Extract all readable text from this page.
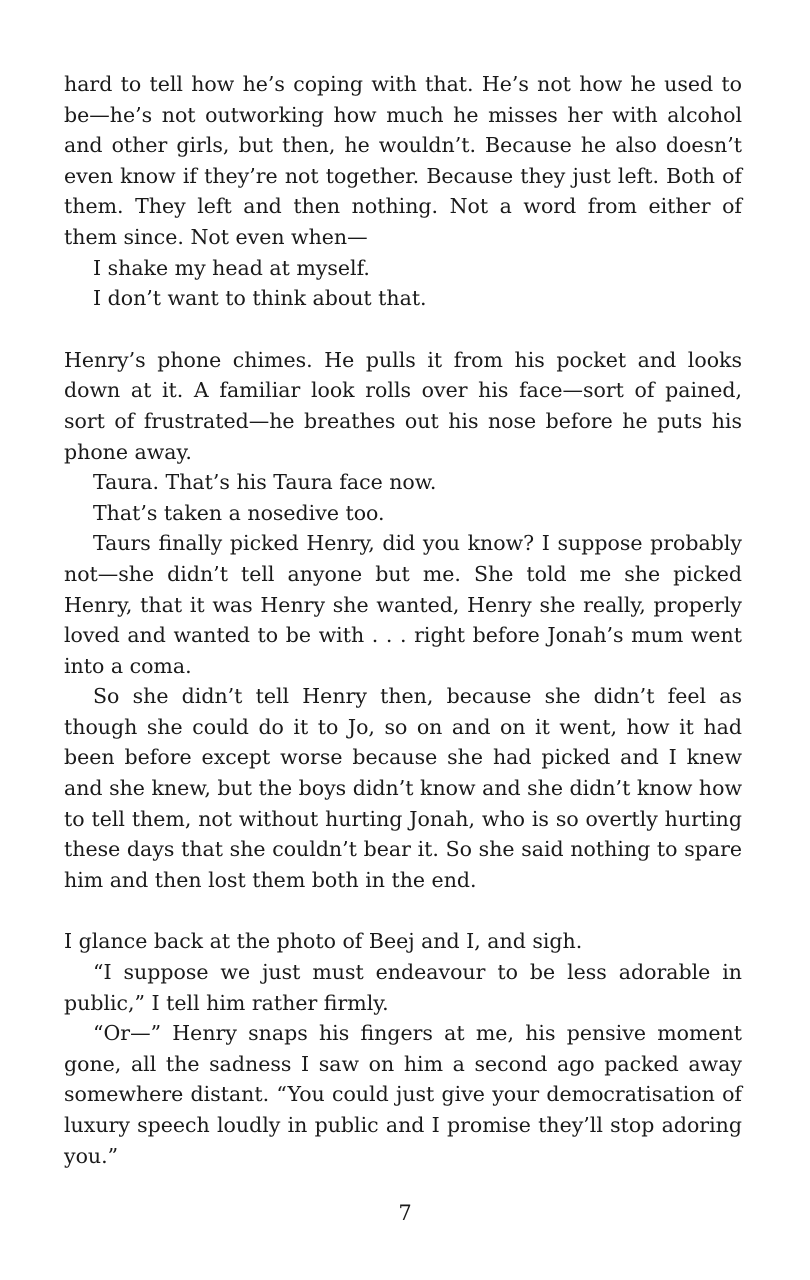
hard to tell how he’s coping with that. He’s not how he used to be—he’s not outworking how much he misses her with alcohol and other girls, but then, he wouldn’t. Because he also doesn’t even know if they’re not together. Because they just left. Both of them. They left and then nothing. Not a word from either of them since. Not even when—

I shake my head at myself.

I don’t want to think about that.

Henry’s phone chimes. He pulls it from his pocket and looks down at it. A familiar look rolls over his face—sort of pained, sort of frustrated—he breathes out his nose before he puts his phone away.

Taura. That’s his Taura face now.

That’s taken a nosedive too.

Taurs finally picked Henry, did you know? I suppose probably not—she didn’t tell anyone but me. She told me she picked Henry, that it was Henry she wanted, Henry she really, properly loved and wanted to be with . . . right before Jonah’s mum went into a coma.

So she didn’t tell Henry then, because she didn’t feel as though she could do it to Jo, so on and on it went, how it had been before except worse because she had picked and I knew and she knew, but the boys didn’t know and she didn’t know how to tell them, not without hurting Jonah, who is so overtly hurting these days that she couldn’t bear it. So she said nothing to spare him and then lost them both in the end.

I glance back at the photo of Beej and I, and sigh.

“I suppose we just must endeavour to be less adorable in public,” I tell him rather firmly.

“Or—” Henry snaps his fingers at me, his pensive moment gone, all the sadness I saw on him a second ago packed away somewhere distant. “You could just give your democratisation of luxury speech loudly in public and I promise they’ll stop adoring you.”

7
